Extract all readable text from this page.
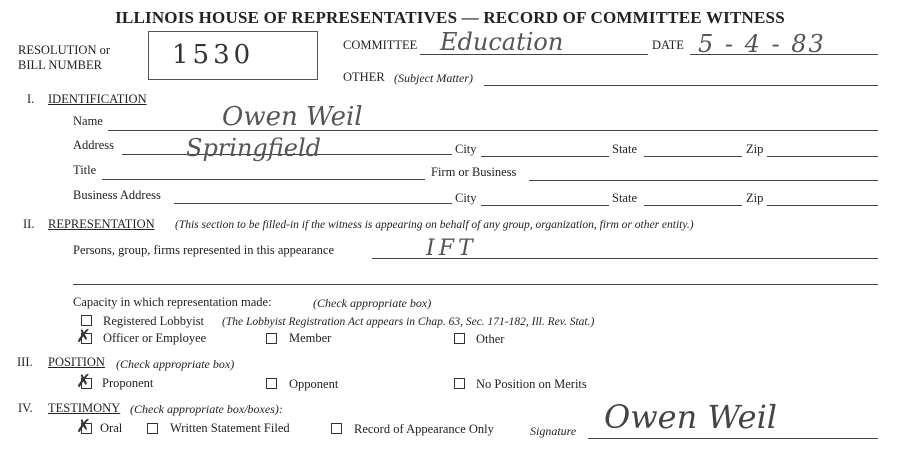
ILLINOIS HOUSE OF REPRESENTATIVES — RECORD OF COMMITTEE WITNESS
RESOLUTION or
BILL NUMBER	1530	COMMITTEE Education	DATE 5 - 4 - 83
OTHER (Subject Matter)
I. IDENTIFICATION
Name	Owen Weil
Address	Springfield	City	State	Zip
Title	Firm or Business
Business Address	City	State	Zip
II. REPRESENTATION (This section to be filled-in if the witness is appearing on behalf of any group, organization, firm or other entity.)
Persons, group, firms represented in this appearance	IFT
Capacity in which representation made:	(Check appropriate box)
Registered Lobbyist (The Lobbyist Registration Act appears in Chap. 63, Sec. 171-182, Ill. Rev. Stat.)
✗ Officer or Employee	Member	Other
III. POSITION (Check appropriate box)
✗ Proponent	Opponent	No Position on Merits
IV. TESTIMONY (Check appropriate box/boxes):
✗ Oral	Written Statement Filed	Record of Appearance Only	Signature Owen Weil
